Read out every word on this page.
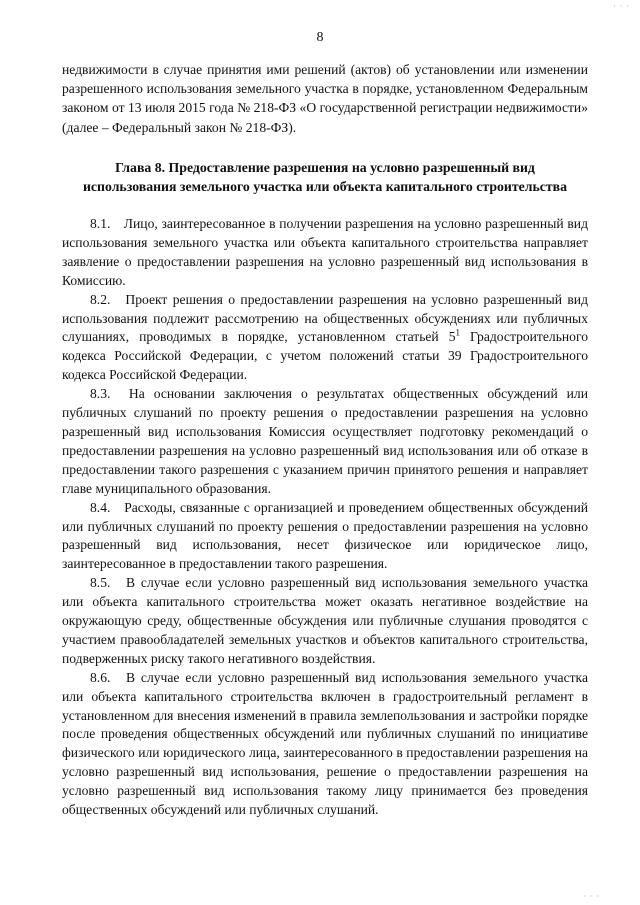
8
недвижимости в случае принятия ими решений (актов) об установлении или изменении разрешенного использования земельного участка в порядке, установленном Федеральным законом от 13 июля 2015 года № 218-ФЗ «О государственной регистрации недвижимости» (далее – Федеральный закон № 218-ФЗ).
Глава 8. Предоставление разрешения на условно разрешенный вид
использования земельного участка или объекта капитального строительства

8.1. Лицо, заинтересованное в получении разрешения на условно разрешенный вид использования земельного участка или объекта капитального строительства направляет заявление о предоставлении разрешения на условно разрешенный вид использования в Комиссию.

8.2. Проект решения о предоставлении разрешения на условно разрешенный вид использования подлежит рассмотрению на общественных обсуждениях или публичных слушаниях, проводимых в порядке, установленном статьей $5^1$ Градостроительного кодекса Российской Федерации, с учетом положений статьи 39 Градостроительного кодекса Российской Федерации.

8.3. На основании заключения о результатах общественных обсуждений или публичных слушаний по проекту решения о предоставлении разрешения на условно разрешенный вид использования Комиссия осуществляет подготовку рекомендаций о предоставлении разрешения на условно разрешенный вид использования или об отказе в предоставлении такого разрешения с указанием причин принятого решения и направляет главе муниципального образования.

8.4. Расходы, связанные с организацией и проведением общественных обсуждений или публичных слушаний по проекту решения о предоставлении разрешения на условно разрешенный вид использования, несет физическое или юридическое лицо, заинтересованное в предоставлении такого разрешения.

8.5. В случае если условно разрешенный вид использования земельного участка или объекта капитального строительства может оказать негативное воздействие на окружающую среду, общественные обсуждения или публичные слушания проводятся с участием правообладателей земельных участков и объектов капитального строительства, подверженных риску такого негативного воздействия.

8.6. В случае если условно разрешенный вид использования земельного участка или объекта капитального строительства включен в градостроительный регламент в установленном для внесения изменений в правила землепользования и застройки порядке после проведения общественных обсуждений или публичных слушаний по инициативе физического или юридического лица, заинтересованного в предоставлении разрешения на условно разрешенный вид использования, решение о предоставлении разрешения на условно разрешенный вид использования такому лицу принимается без проведения общественных обсуждений или публичных слушаний.

· · ·
· · ·
